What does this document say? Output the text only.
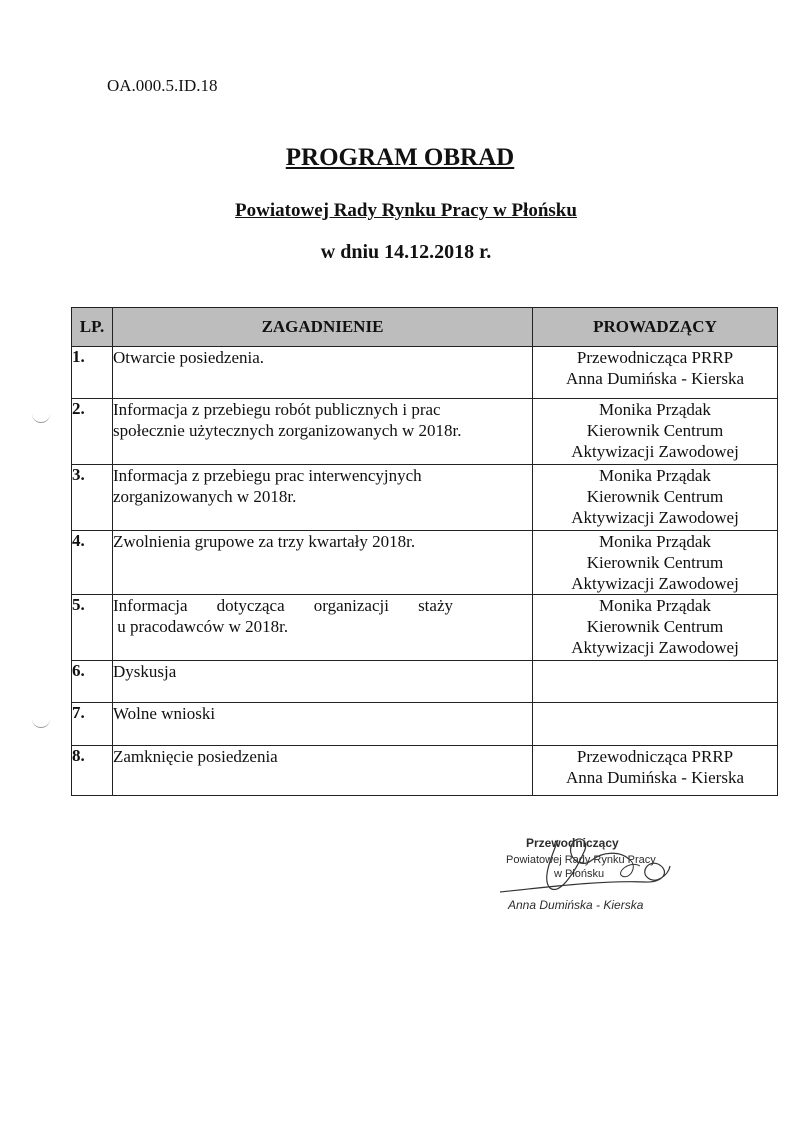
OA.000.5.ID.18
PROGRAM OBRAD
Powiatowej Rady Rynku Pracy w Płońsku
w dniu 14.12.2018 r.
LP.	ZAGADNIENIE	PROWADZĄCY
1.	Otwarcie posiedzenia.	Przewodnicząca PRRP
Anna Dumińska - Kierska

2.	Informacja z przebiegu robót publicznych i prac
społecznie użytecznych zorganizowanych w 2018r.	Monika Prządak
Kierownik Centrum
Aktywizacji Zawodowej

3.	Informacja z przebiegu prac interwencyjnych
zorganizowanych w 2018r.	Monika Prządak
Kierownik Centrum
Aktywizacji Zawodowej

4.	Zwolnienia grupowe za trzy kwartały 2018r.	Monika Prządak
Kierownik Centrum
Aktywizacji Zawodowej

5.	Informacja dotycząca organizacji staży
u pracodawców w 2018r.	Monika Prządak
Kierownik Centrum
Aktywizacji Zawodowej

6.	Dyskusja	

7.	Wolne wnioski	

8.	Zamknięcie posiedzenia	Przewodnicząca PRRP
Anna Dumińska - Kierska
Przewodniczący
Powiatowej Rady Rynku Pracy
w Płońsku
Anna Dumińska - Kierska
